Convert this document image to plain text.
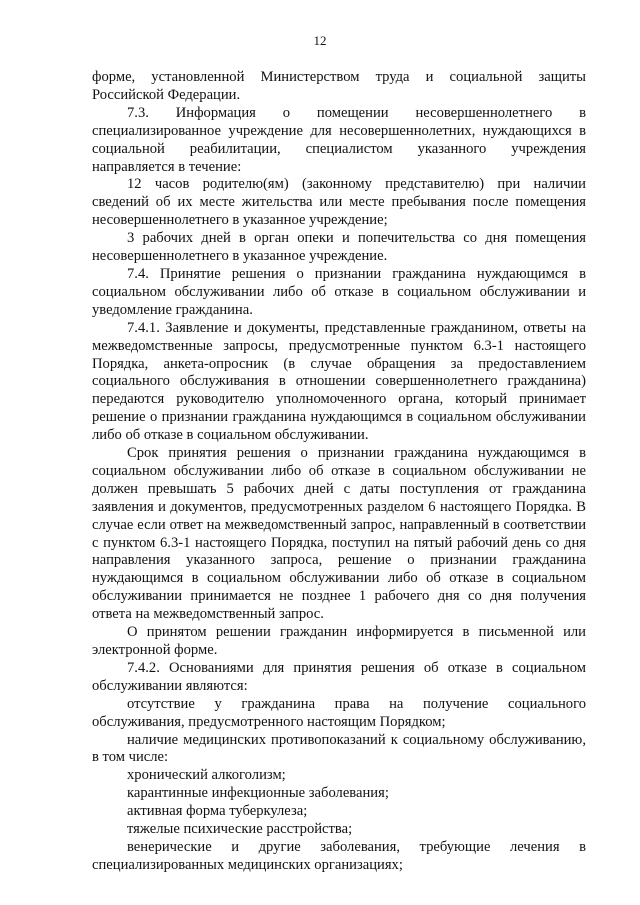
12

форме, установленной Министерством труда и социальной защиты Российской Федерации.

7.3. Информация о помещении несовершеннолетнего в специализированное учреждение для несовершеннолетних, нуждающихся в социальной реабилитации, специалистом указанного учреждения направляется в течение:

12 часов родителю(ям) (законному представителю) при наличии сведений об их месте жительства или месте пребывания после помещения несовершеннолетнего в указанное учреждение;

3 рабочих дней в орган опеки и попечительства со дня помещения несовершеннолетнего в указанное учреждение.

7.4. Принятие решения о признании гражданина нуждающимся в социальном обслуживании либо об отказе в социальном обслуживании и уведомление гражданина.

7.4.1. Заявление и документы, представленные гражданином, ответы на межведомственные запросы, предусмотренные пунктом 6.3-1 настоящего Порядка, анкета-опросник (в случае обращения за предоставлением социального обслуживания в отношении совершеннолетнего гражданина) передаются руководителю уполномоченного органа, который принимает решение о признании гражданина нуждающимся в социальном обслуживании либо об отказе в социальном обслуживании.

Срок принятия решения о признании гражданина нуждающимся в социальном обслуживании либо об отказе в социальном обслуживании не должен превышать 5 рабочих дней с даты поступления от гражданина заявления и документов, предусмотренных разделом 6 настоящего Порядка. В случае если ответ на межведомственный запрос, направленный в соответствии с пунктом 6.3-1 настоящего Порядка, поступил на пятый рабочий день со дня направления указанного запроса, решение о признании гражданина нуждающимся в социальном обслуживании либо об отказе в социальном обслуживании принимается не позднее 1 рабочего дня со дня получения ответа на межведомственный запрос.

О принятом решении гражданин информируется в письменной или электронной форме.

7.4.2. Основаниями для принятия решения об отказе в социальном обслуживании являются:

отсутствие у гражданина права на получение социального обслуживания, предусмотренного настоящим Порядком;

наличие медицинских противопоказаний к социальному обслуживанию, в том числе:

хронический алкоголизм;

карантинные инфекционные заболевания;

активная форма туберкулеза;

тяжелые психические расстройства;

венерические и другие заболевания, требующие лечения в специализированных медицинских организациях;
